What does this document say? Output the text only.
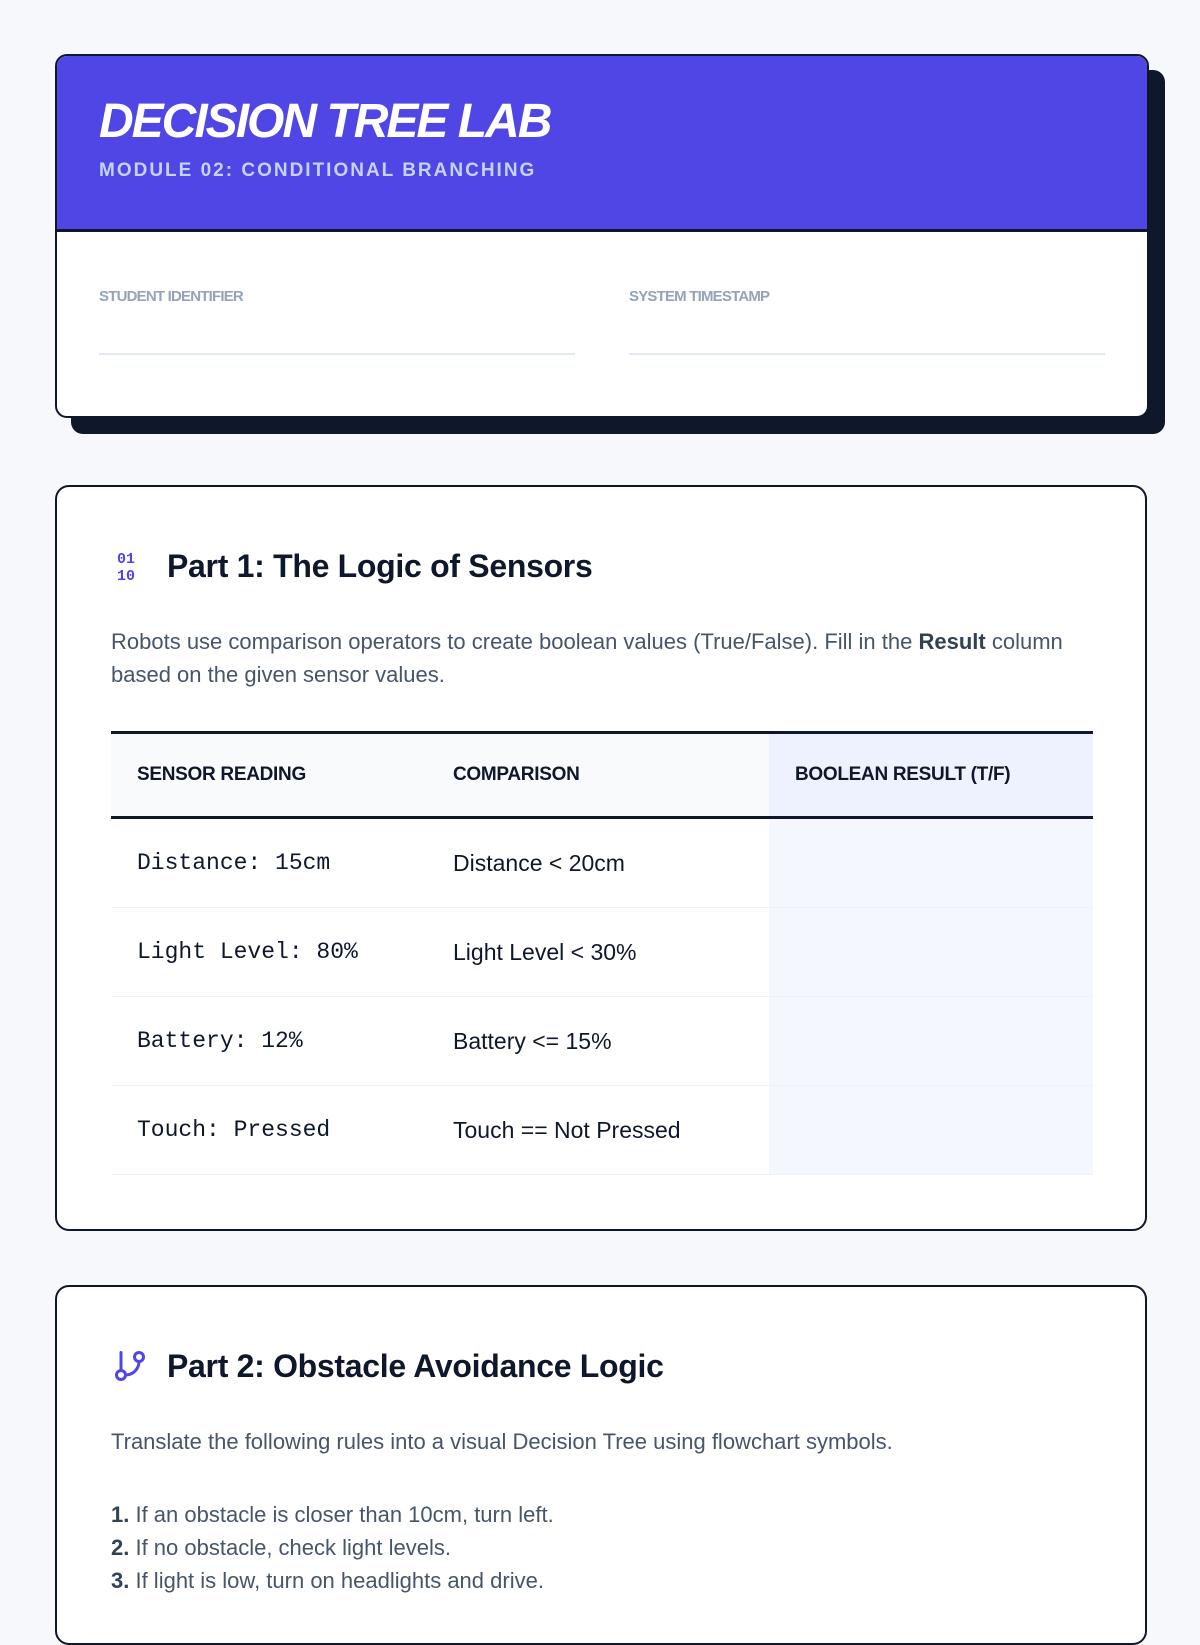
DECISION TREE LAB
MODULE 02: CONDITIONAL BRANCHING
STUDENT IDENTIFIER	SYSTEM TIMESTAMP
01
10 Part 1: The Logic of Sensors
Robots use comparison operators to create boolean values (True/False). Fill in the Result column based on the given sensor values.
SENSOR READING	COMPARISON	BOOLEAN RESULT (T/F)
Distance: 15cm	Distance < 20cm	
Light Level: 80%	Light Level < 30%	
Battery: 12%	Battery <= 15%	
Touch: Pressed	Touch == Not Pressed	
Part 2: Obstacle Avoidance Logic
Translate the following rules into a visual Decision Tree using flowchart symbols.
1. If an obstacle is closer than 10cm, turn left.
2. If no obstacle, check light levels.
3. If light is low, turn on headlights and drive.
